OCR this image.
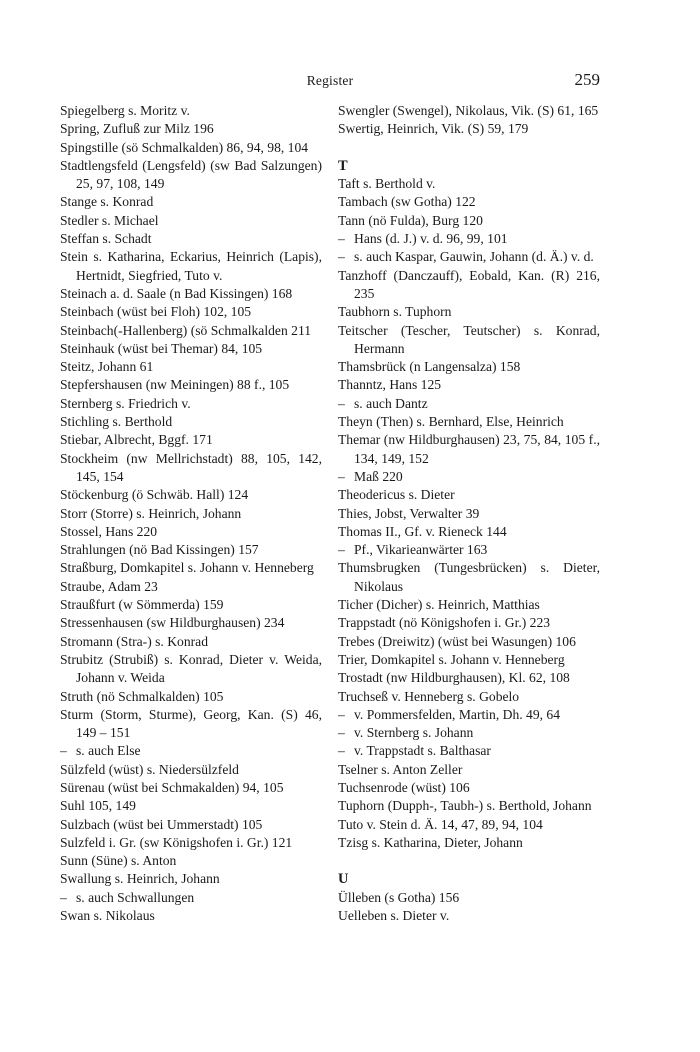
Register	259

Spiegelberg s. Moritz v.

Spring, Zufluß zur Milz 196

Spingstille (sö Schmalkalden) 86, 94, 98, 104

Stadtlengsfeld (Lengsfeld) (sw Bad Salzungen) 25, 97, 108, 149

Stange s. Konrad

Stedler s. Michael

Steffan s. Schadt

Stein s. Katharina, Eckarius, Heinrich (Lapis), Hertnidt, Siegfried, Tuto v.

Steinach a. d. Saale (n Bad Kissingen) 168

Steinbach (wüst bei Floh) 102, 105

Steinbach(-Hallenberg) (sö Schmalkalden 211

Steinhauk (wüst bei Themar) 84, 105

Steitz, Johann 61

Stepfershausen (nw Meiningen) 88 f., 105

Sternberg s. Friedrich v.

Stichling s. Berthold

Stiebar, Albrecht, Bggf. 171

Stockheim (nw Mellrichstadt) 88, 105, 142, 145, 154

Stöckenburg (ö Schwäb. Hall) 124

Storr (Storre) s. Heinrich, Johann

Stossel, Hans 220

Strahlungen (nö Bad Kissingen) 157

Straßburg, Domkapitel s. Johann v. Henneberg

Straube, Adam 23

Straußfurt (w Sömmerda) 159

Stressenhausen (sw Hildburghausen) 234

Stromann (Stra-) s. Konrad

Strubitz (Strubiß) s. Konrad, Dieter v. Weida, Johann v. Weida

Struth (nö Schmalkalden) 105

Sturm (Storm, Sturme), Georg, Kan. (S) 46, 149 – 151

– s. auch Else

Sülzfeld (wüst) s. Niedersülzfeld

Sürenau (wüst bei Schmakalden) 94, 105

Suhl 105, 149

Sulzbach (wüst bei Ummerstadt) 105

Sulzfeld i. Gr. (sw Königshofen i. Gr.) 121

Sunn (Süne) s. Anton

Swallung s. Heinrich, Johann

– s. auch Schwallungen

Swan s. Nikolaus

Swengler (Swengel), Nikolaus, Vik. (S) 61, 165

Swertig, Heinrich, Vik. (S) 59, 179

T

Taft s. Berthold v.

Tambach (sw Gotha) 122

Tann (nö Fulda), Burg 120

– Hans (d. J.) v. d. 96, 99, 101

– s. auch Kaspar, Gauwin, Johann (d. Ä.) v. d.

Tanzhoff (Danczauff), Eobald, Kan. (R) 216, 235

Taubhorn s. Tuphorn

Teitscher (Tescher, Teutscher) s. Konrad, Hermann

Thamsbrück (n Langensalza) 158

Thanntz, Hans 125

– s. auch Dantz

Theyn (Then) s. Bernhard, Else, Heinrich

Themar (nw Hildburghausen) 23, 75, 84, 105 f., 134, 149, 152

– Maß 220

Theodericus s. Dieter

Thies, Jobst, Verwalter 39

Thomas II., Gf. v. Rieneck 144

– Pf., Vikarieanwärter 163

Thumsbrugken (Tungesbrücken) s. Dieter, Nikolaus

Ticher (Dicher) s. Heinrich, Matthias

Trappstadt (nö Königshofen i. Gr.) 223

Trebes (Dreiwitz) (wüst bei Wasungen) 106

Trier, Domkapitel s. Johann v. Henneberg

Trostadt (nw Hildburghausen), Kl. 62, 108

Truchseß v. Henneberg s. Gobelo

– v. Pommersfelden, Martin, Dh. 49, 64

– v. Sternberg s. Johann

– v. Trappstadt s. Balthasar

Tselner s. Anton Zeller

Tuchsenrode (wüst) 106

Tuphorn (Dupph-, Taubh-) s. Berthold, Johann

Tuto v. Stein d. Ä. 14, 47, 89, 94, 104

Tzisg s. Katharina, Dieter, Johann

U

Ülleben (s Gotha) 156

Uelleben s. Dieter v.
